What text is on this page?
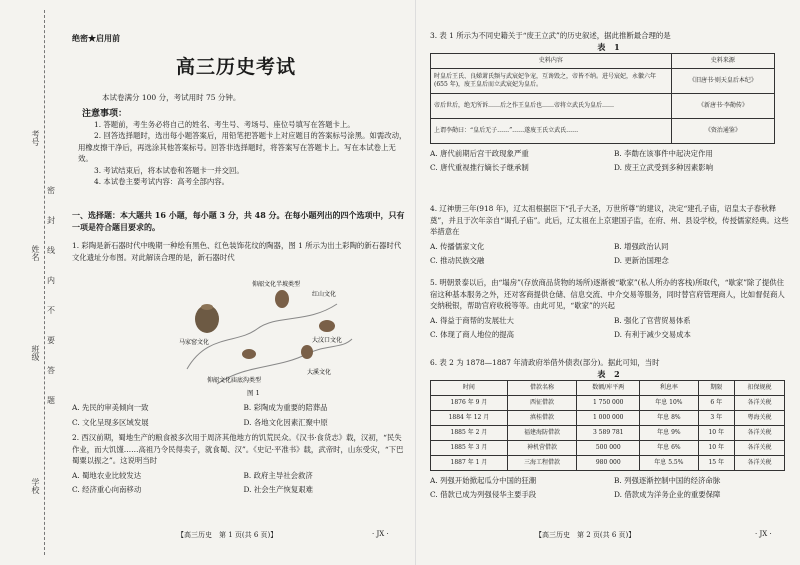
考号
姓名
班级
学校
密
封
线
内
不
要
答
题
绝密★启用前
高三历史考试
本试卷满分 100 分，考试用时 75 分钟。
注意事项：

1. 答题前，考生务必将自己的姓名、考生号、考场号、座位号填写在答题卡上。

2. 回答选择题时，选出每小题答案后，用铅笔把答题卡上对应题目的答案标号涂黑。如需改动，用橡皮擦干净后，再选涂其他答案标号。回答非选择题时，将答案写在答题卡上。写在本试卷上无效。

3. 考试结束后，将本试卷和答题卡一并交回。

4. 本试卷主要考试内容：高考全部内容。

一、选择题：本大题共 16 小题，每小题 3 分，共 48 分。在每小题列出的四个选项中，只有一项是符合题目要求的。

1. 彩陶是新石器时代中晚期一种绘有黑色、红色装饰花纹的陶器，图 1 所示为出土彩陶的新石器时代文化遗址分布图。对此解读合理的是，新石器时代

仰韶文化半坡类型
红山文化
马家窑文化	大汶口文化
仰韶文化庙底沟类型
大溪文化
图 1
A. 先民的审美倾向一致	B. 彩陶成为重要的陪葬品
C. 文化呈现多区域发展	D. 各地文化因素汇聚中原

2. 西汉前期，蜀地生产的粮食被多次用于周济其他地方的饥荒民众。《汉书·食货志》载，汉初，“民失作业，而大饥馑……高祖乃令民得卖子，就食蜀、汉”。《史记·平准书》载，武帝时，山东受灾，“下巴蜀粟以振之”。这说明当时

A. 蜀地农业比较发达	B. 政府主导社会救济
C. 经济重心向南移动	D. 社会生产恢复艰难
【高三历史　第 1 页(共 6 页)】	· JX ·

3. 表 1 所示为不同史籍关于“废王立武”的历史叙述，据此推断最合理的是

表 1
史料内容	史料来源
时皇后王氏、良娣萧氏频与武宸妃争宠，互谗毁之，帝皆不纳。进号宸妃，永徽六年(655 年)，废王皇后而立武宸妃为皇后。	《旧唐书·则天皇后本纪》
帝后世后，绝无所诉……后之作王皇后也……帝将立武氏为皇后……	《新唐书·李勣传》
上谓李勣曰：“皇后无子……”……遂废王氏立武氏……	《资治通鉴》
A. 唐代前期后宫干政现象严重	B. 李勣在该事件中起决定作用
C. 唐代重视推行嫡长子继承制	D. 废王立武受到多种因素影响

4. 辽神册三年(918 年)，辽太祖根据臣下“孔子大圣，万世所尊”的建议，决定“建孔子庙，诏皇太子春秋释奠”，并且于次年亲自“谒孔子庙”。此后，辽太祖在上京建国子监，在府、州、县设学校，传授儒家经典。这些举措意在

A. 传播儒家文化	B. 增强政治认同
C. 推动民族交融	D. 更新治国理念

5. 明朝景泰以后，由“塌房”(存放商品货物的场所)逐渐被“歇家”(私人所办的客栈)所取代，“歇家”除了提供住宿这种基本服务之外，还对客商提供仓储、信息交流、中介交易等服务，同时替官府管理商人，比如督促商人交纳税银，帮助官府收税等等。由此可见，“歇家”的兴起

A. 得益于商帮的发展壮大	B. 强化了官营贸易体系
C. 体现了商人地位的提高	D. 有利于减少交易成本

6. 表 2 为 1878—1887 年清政府举借外债表(部分)。据此可知，当时

表 2
时间	借款名称	数额/库平两	利息率	期限	扣保规税
1876 年 9 月	西征借款	1 750 000	年息 10%	6 年	各洋关税
1884 年 12 月	滇桂借款	1 000 000	年息 8%	3 年	粤海关税
1885 年 2 月	福建海防借款	3 589 781	年息 9%	10 年	各洋关税
1885 年 3 月	神机营借款	500 000	年息 6%	10 年	各洋关税
1887 年 1 月	三海工程借款	980 000	年息 5.5%	15 年	各洋关税
A. 列强开始掀起瓜分中国的狂潮	B. 列强逐渐控制中国的经济命脉
C. 借款已成为列强侵华主要手段	D. 借款成为洋务企业的重要保障
【高三历史　第 2 页(共 6 页)】	· JX ·
